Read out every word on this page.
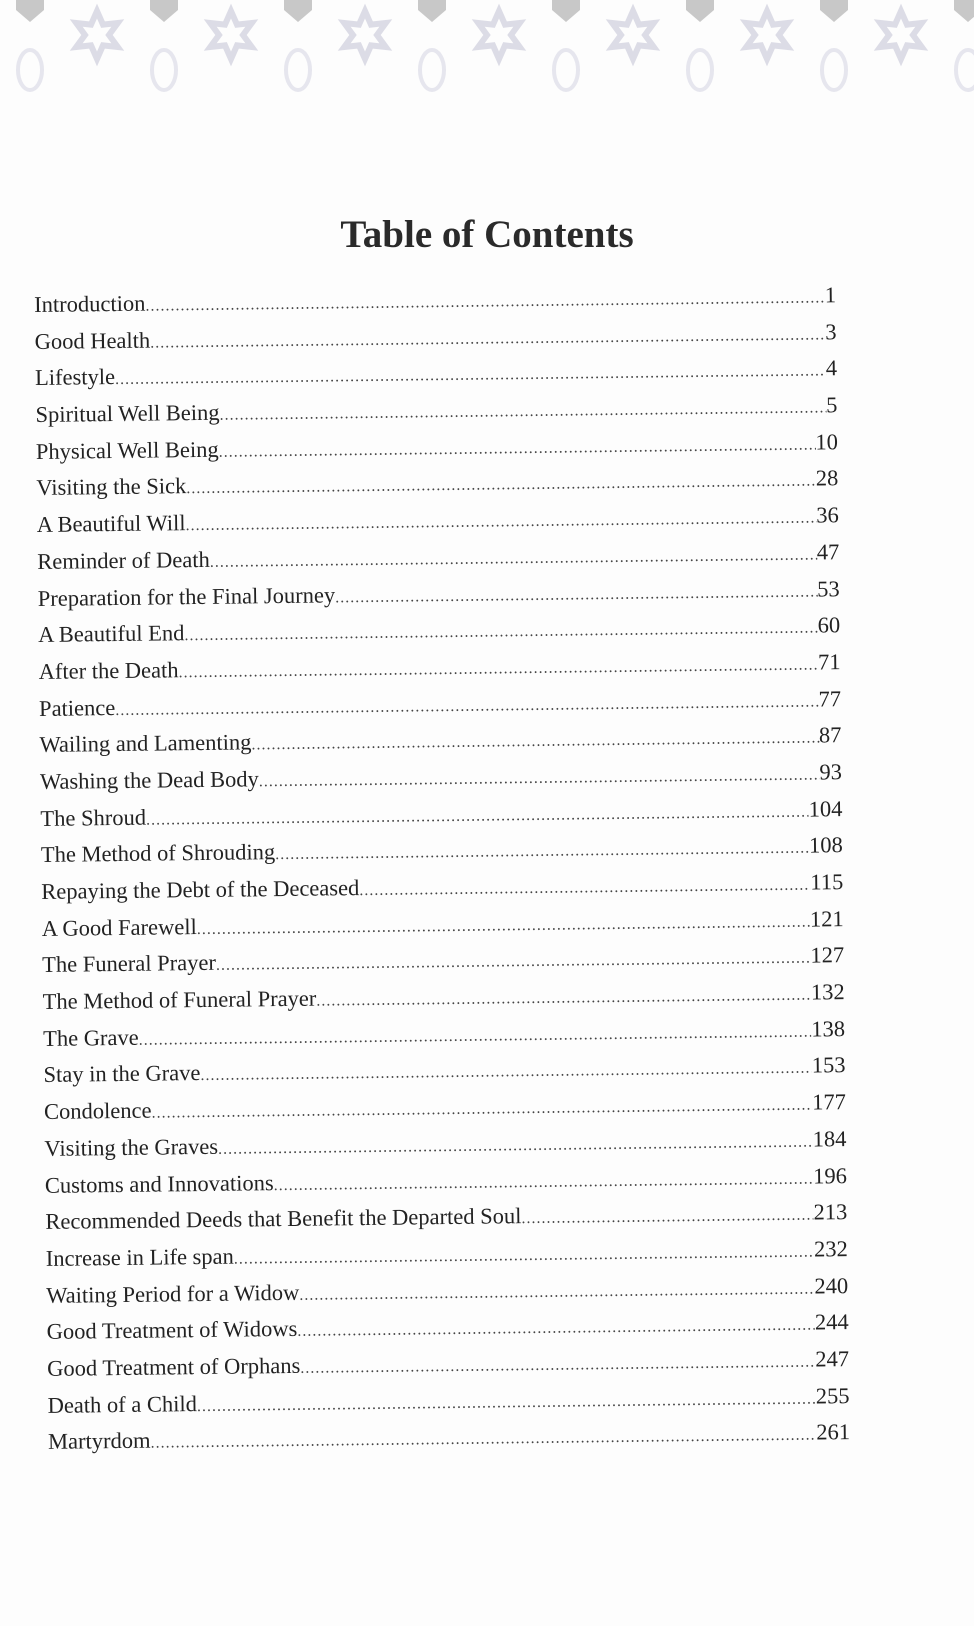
Table of Contents
Introduction .....	1
Good Health .....	3
Lifestyle .....	4
Spiritual Well Being .....	5
Physical Well Being .....	10
Visiting the Sick .....	28
A Beautiful Will .....	36
Reminder of Death .....	47
Preparation for the Final Journey .....	53
A Beautiful End .....	60
After the Death .....	71
Patience .....	77
Wailing and Lamenting .....	87
Washing the Dead Body .....	93
The Shroud .....	104
The Method of Shrouding .....	108
Repaying the Debt of the Deceased .....	115
A Good Farewell .....	121
The Funeral Prayer .....	127
The Method of Funeral Prayer .....	132
The Grave .....	138
Stay in the Grave .....	153
Condolence .....	177
Visiting the Graves .....	184
Customs and Innovations .....	196
Recommended Deeds that Benefit the Departed Soul .....	213
Increase in Life span .....	232
Waiting Period for a Widow .....	240
Good Treatment of Widows .....	244
Good Treatment of Orphans .....	247
Death of a Child .....	255
Martyrdom .....	261
